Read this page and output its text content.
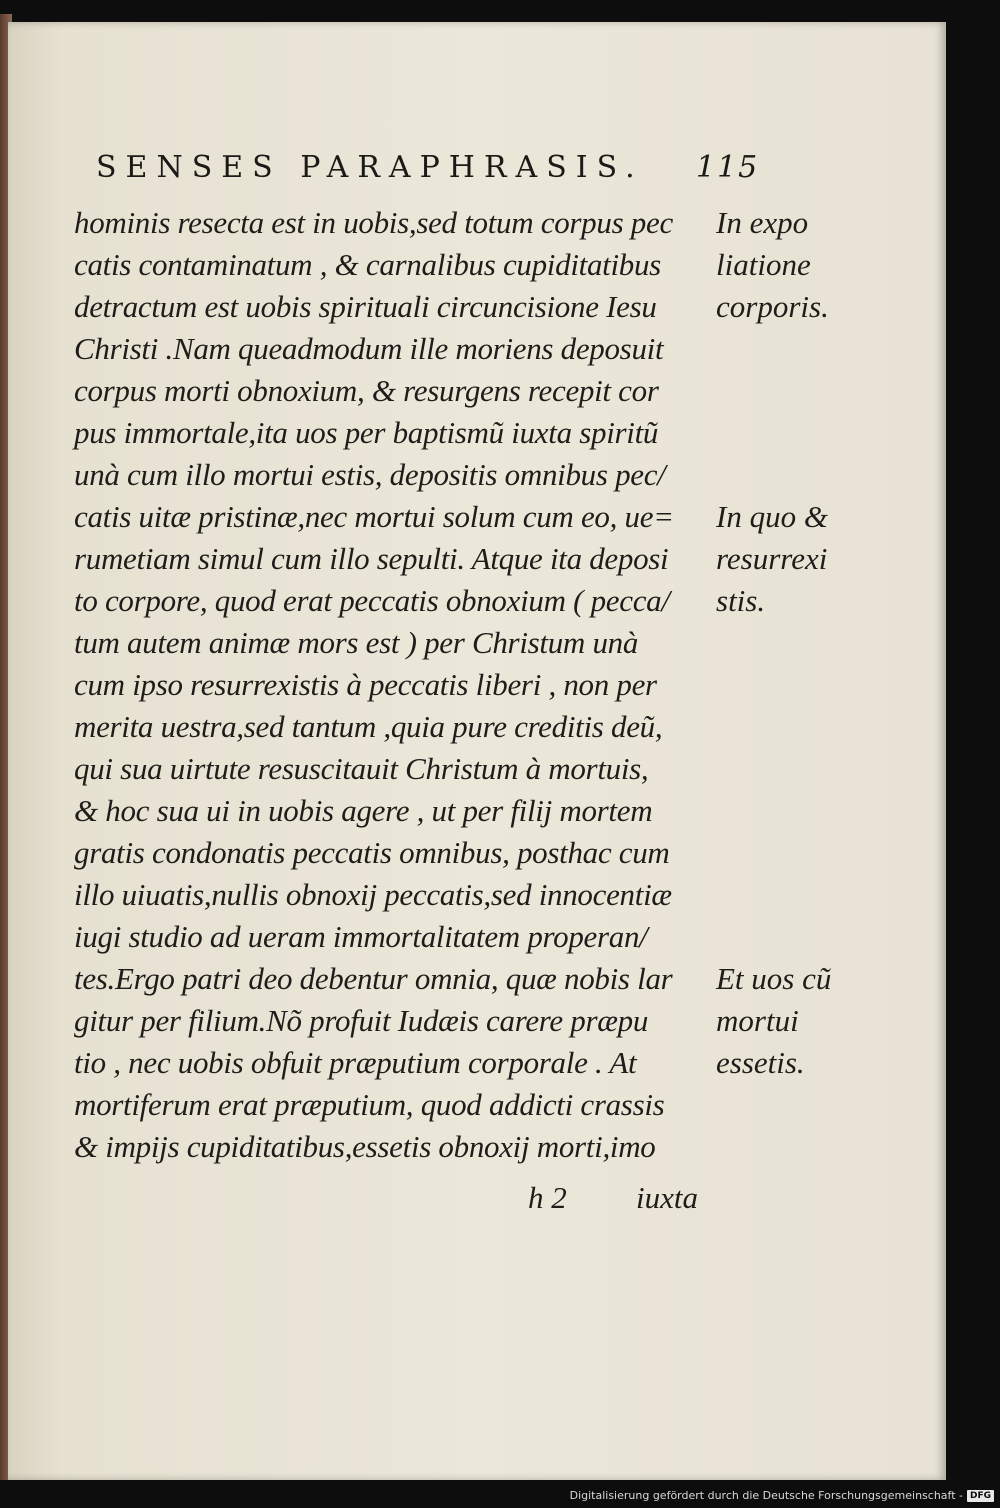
SENSES PARAPHRASIS. 115
hominis resecta est in uobis,sed totum corpus pec
catis contaminatum , & carnalibus cupiditatibus
detractum est uobis spirituali circuncisione Iesu
Christi .Nam queadmodum ille moriens deposuit
corpus morti obnoxium, & resurgens recepit cor
pus immortale,ita uos per baptismũ iuxta spiritũ
unà cum illo mortui estis, depositis omnibus pec/
catis uitæ pristinæ,nec mortui solum cum eo, ue=
rumetiam simul cum illo sepulti. Atque ita deposi
to corpore, quod erat peccatis obnoxium ( pecca/
tum autem animæ mors est ) per Christum unà
cum ipso resurrexistis à peccatis liberi , non per
merita uestra,sed tantum ,quia pure creditis deũ,
qui sua uirtute resuscitauit Christum à mortuis,
& hoc sua ui in uobis agere , ut per filij mortem
gratis condonatis peccatis omnibus, posthac cum
illo uiuatis,nullis obnoxij peccatis,sed innocentiæ
iugi studio ad ueram immortalitatem properan/
tes.Ergo patri deo debentur omnia, quæ nobis lar
gitur per filium.Nõ profuit Iudæis carere præpu
tio , nec uobis obfuit præputium corporale . At
mortiferum erat præputium, quod addicti crassis
& impijs cupiditatibus,essetis obnoxij morti,imo
In expo
liatione
corporis.
In quo &
resurrexi
stis.
Et uos cũ
mortui
essetis.
h 2 iuxta
Digitalisierung gefördert durch die Deutsche Forschungsgemeinschaft - DFG
